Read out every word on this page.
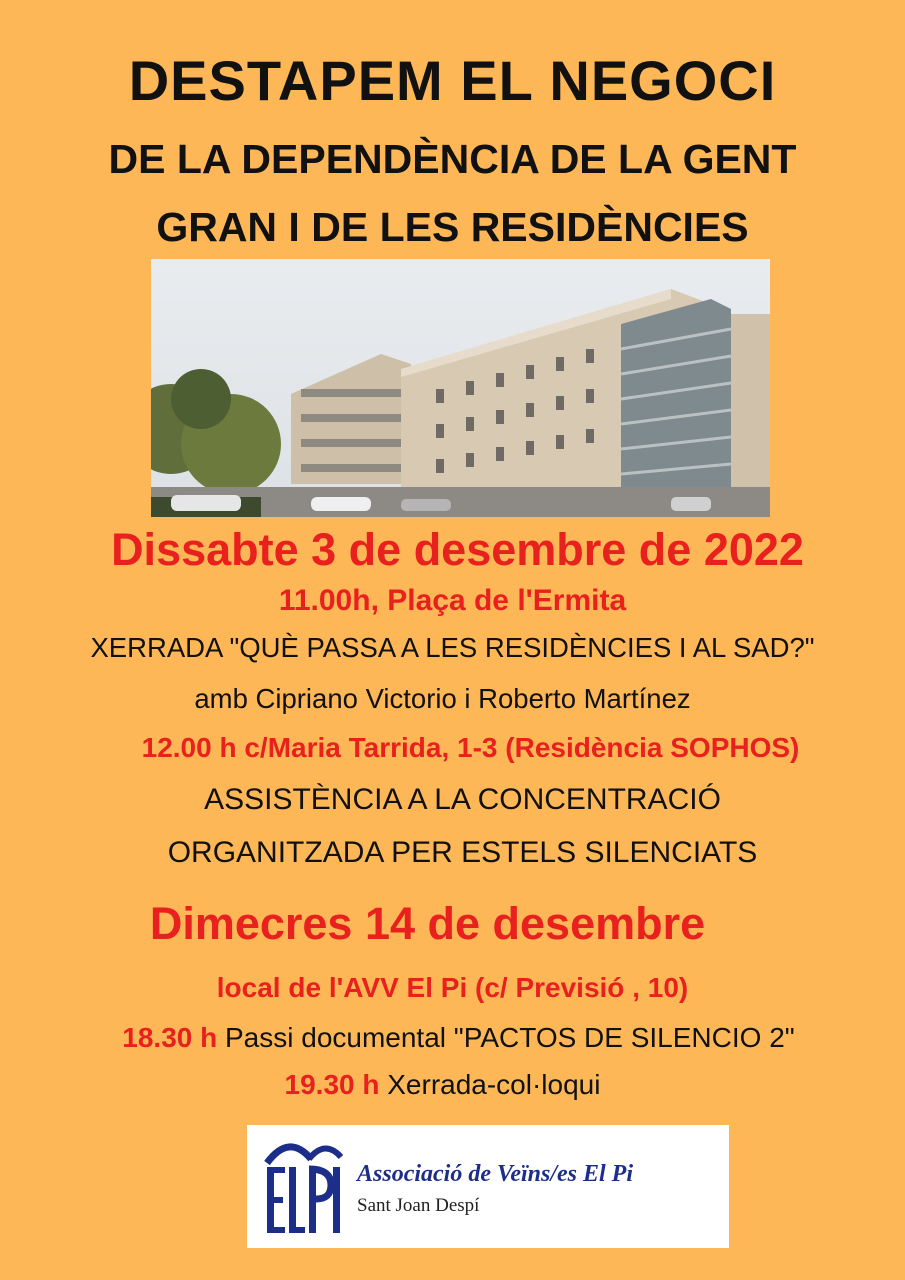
DESTAPEM EL NEGOCI
DE LA DEPENDÈNCIA DE LA GENT
GRAN I DE LES RESIDÈNCIES
Dissabte 3 de desembre de 2022
11.00h, Plaça de l'Ermita
XERRADA "QUÈ PASSA A LES RESIDÈNCIES I AL SAD?"
amb Cipriano Victorio i Roberto Martínez
12.00 h c/Maria Tarrida, 1-3 (Residència SOPHOS)
ASSISTÈNCIA A LA CONCENTRACIÓ
ORGANITZADA PER ESTELS SILENCIATS
Dimecres 14 de desembre
local de l'AVV El Pi (c/ Previsió , 10)
18.30 h Passi documental "PACTOS DE SILENCIO 2"
19.30 h Xerrada-col·loqui
Associació de Veïns/es El Pi
Sant Joan Despí
